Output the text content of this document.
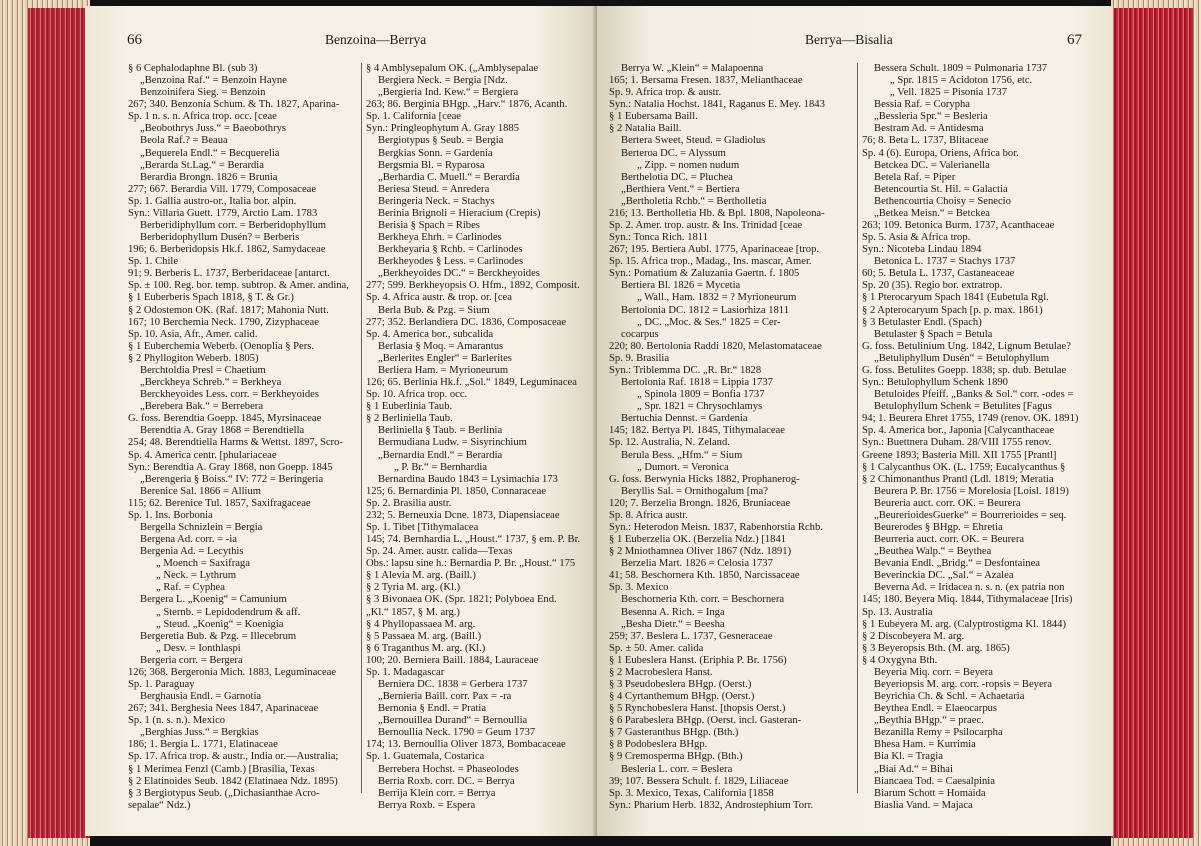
66	Benzoina—Berrya
§ 6 Cephalodaphne Bl. (sub 3)
„Benzoina Raf.“ = Benzoin Hayne
Benzoinifera Sieg. = Benzoin
267; 340. Benzonia Schum. & Th. 1827, Aparina-
Sp. 1 n. s. n. Africa trop. occ. [ceae
„Beobothrys Juss.“ = Baeobothrys
Beola Raf.? = Beaua
„Bequerela Endl.“ = Becquerelia
„Berarda St.Lag.“ = Berardia
Berardia Brongn. 1826 = Brunia
277; 667. Berardia Vill. 1779, Composaceae
Sp. 1. Gallia austro-or., Italia bor. alpin.
Syn.: Villaria Guett. 1779, Arctio Lam. 1783
Berberidiphyllum corr. = Berberidophyllum
Berberidophyllum Dusén? = Berberis
196; 6. Berberidopsis Hk.f. 1862, Samydaceae
Sp. 1. Chile
91; 9. Berberis L. 1737, Berberidaceae [antarct.
Sp. ± 100. Reg. bor. temp. subtrop. & Amer. andina,
§ 1 Euberberis Spach 1818, § T. & Gr.)
§ 2 Odostemon OK. (Raf. 1817; Mahonia Nutt.
167; 10 Berchemia Neck. 1790, Zizyphaceae
Sp. 10. Asia, Afr., Amer. calid.
§ 1 Euberchemia Weberb. (Oenoplia § Pers.
§ 2 Phyllogiton Weberb. 1805)
Berchtoldia Presl = Chaetium
„Berckheya Schreb.“ = Berkheya
Berckheyoides Less. corr. = Berkheyoides
„Berebera Bak.“ = Berrebera
G. foss. Berendtia Goepp. 1845, Myrsinaceae
Berendtia A. Gray 1868 = Berendtiella
254; 48. Berendtiella Harms & Wettst. 1897, Scro-
Sp. 4. America centr. [phulariaceae
Syn.: Berendtia A. Gray 1868, non Goepp. 1845
„Berengeria § Boiss.“ IV: 772 = Beringeria
Berenice Sal. 1866 = Allium
115; 62. Berenice Tul. 1857, Saxifragaceae
Sp. 1. Ins. Borbonia
Bergella Schnizlein = Bergia
Bergena Ad. corr. = -ia
Bergenia Ad. = Lecythis
„ Moench = Saxifraga
„ Neck. = Lythrum
„ Raf. = Cyphea
Bergera L. „Koenig“ = Camunium
„ Sternb. = Lepidodendrum & aff.
„ Steud. „Koenig“ = Koenigia
Bergeretia Bub. & Pzg. = Illecebrum
„ Desv. = Ionthlaspi
Bergeria corr. = Bergera
126; 368. Bergeronia Mich. 1883, Leguminaceae
Sp. 1. Paraguay
Berghausia Endl. = Garnotia
267; 341. Berghesia Nees 1847, Aparinaceae
Sp. 1 (n. s. n.). Mexico
„Berghias Juss.“ = Bergkias
186; 1. Bergia L. 1771, Elatinaceae
Sp. 17. Africa trop. & austr., India or.—Australia;
§ 1 Merimea Fenzl (Camb.) [Brasilia, Texas
§ 2 Elatinoides Seub. 1842 (Elatinaea Ndz. 1895)
§ 3 Bergiotypus Seub. („Dichasianthae Acro-
sepalae“ Ndz.)
§ 4 Amblysepalum OK. („Amblysepalae
Bergiera Neck. = Bergia [Ndz.
„Bergieria Ind. Kew.“ = Bergiera
263; 86. Berginia BHgp. „Harv.“ 1876, Acanth.
Sp. 1. California [ceae
Syn.: Pringleophytum A. Gray 1885
Bergiotypus § Seub. = Bergia
Bergkias Sonn. = Gardenia
Bergsmia Bl. = Ryparosa
„Berhardia C. Muell.“ = Berardia
Beriesa Steud. = Anredera
Beringeria Neck. = Stachys
Berinia Brignoli = Hieracium (Crepis)
Berisia § Spach = Ribes
Berkheya Ehrh. = Carlinodes
Berkheyaria § Rchb. = Carlinodes
Berkheyodes § Less. = Carlinodes
„Berkheyoides DC.“ = Berckheyoides
277; 599. Berkheyopsis O. Hfm., 1892, Composit.
Sp. 4. Africa austr. & trop. or. [cea
Berla Bub. & Pzg. = Sium
277; 352. Berlandiera DC. 1836, Composaceae
Sp. 4. America bor., subcalida
Berlasia § Moq. = Amarantus
„Berlerites Engler“ = Barlerites
Berliera Ham. = Myrioneurum
126; 65. Berlinia Hk.f. „Sol.“ 1849, Leguminacea
Sp. 10. Africa trop. occ.
§ 1 Euberlinia Taub.
§ 2 Berliniella Taub.
Berliniella § Taub. = Berlinia
Bermudiana Ludw. = Sisyrinchium
„Bernardia Endl.“ = Berardia
„ P. Br.“ = Bernhardia
Bernardina Baudo 1843 = Lysimachia 173
125; 6. Bernardinia Pl. 1850, Connaraceae
Sp. 2. Brasilia austr.
232; 5. Berneuxia Dcne. 1873, Diapensiaceae
Sp. 1. Tibet [Tithymalacea
145; 74. Bernhardia L. „Houst.“ 1737, § em. P. Br.
Sp. 24. Amer. austr. calida—Texas
Obs.: lapsu sine h.: Bernardia P. Br. „Houst.“ 175
§ 1 Alevia M. arg. (Baill.)
§ 2 Tyria M. arg. (Kl.)
§ 3 Bivonaea OK. (Spr. 1821; Polyboea End.
„Kl.“ 1857, § M. arg.)
§ 4 Phyllopassaea M. arg.
§ 5 Passaea M. arg. (Baill.)
§ 6 Traganthus M. arg. (Kl.)
100; 20. Berniera Baill. 1884, Lauraceae
Sp. 1. Madagascar
Berniera DC. 1838 = Gerbera 1737
„Bernieria Baill. corr. Pax = -ra
Bernonia § Endl. = Pratia
„Bernouillea Durand“ = Bernoullia
Bernoullia Neck. 1790 = Geum 1737
174; 13. Bernoullia Oliver 1873, Bombacaceae
Sp. 1. Guatemala, Costarica
Berrebera Hochst. = Phaseolodes
Berria Roxb. corr. DC. = Berrya
Berrija Klein corr. = Berrya
Berrya Roxb. = Espera
Berrya—Bisalia	67
Berrya W. „Klein“ = Malapoenna
165; 1. Bersama Fresen. 1837, Melianthaceae
Sp. 9. Africa trop. & austr.
Syn.: Natalia Hochst. 1841, Raganus E. Mey. 1843
§ 1 Eubersama Baill.
§ 2 Natalia Baill.
Bertera Sweet, Steud. = Gladiolus
Berteroa DC. = Alyssum
„ Zipp. = nomen nudum
Berthelotia DC. = Pluchea
„Berthiera Vent.“ = Bertiera
„Bertholetia Rchb.“ = Bertholletia
216; 13. Bertholletia Hb. & Bpl. 1808, Napoleona-
Sp. 2. Amer. trop. austr. & Ins. Trinidad [ceae
Syn.: Tonca Rich. 1811
267; 195. Bertiera Aubl. 1775, Aparinaceae [trop.
Sp. 15. Africa trop., Madag., Ins. mascar, Amer.
Syn.: Pomatium & Zaluzania Gaertn. f. 1805
Bertiera Bl. 1826 = Mycetia
„ Wall., Ham. 1832 = ? Myrioneurum
Bertolonia DC. 1812 = Lasiorhiza 1811
„ DC. „Moc. & Ses.“ 1825 = Cer-
cocarpus
220; 80. Bertolonia Raddi 1820, Melastomataceae
Sp. 9. Brasilia
Syn.: Triblemma DC. „R. Br.“ 1828
Bertolonia Raf. 1818 = Lippia 1737
„ Spinola 1809 = Bonfia 1737
„ Spr. 1821 = Chrysochlamys
Bertuchia Dennst. = Gardenia
145; 182. Bertya Pl. 1845, Tithymalaceae
Sp. 12. Australia, N. Zeland.
Berula Bess. „Hfm.“ = Sium
„ Dumort. = Veronica
G. foss. Berwynia Hicks 1882, Prophanerog-
Beryllis Sal. = Ornithogalum [ma?
120; 7. Berzelia Brongn. 1826, Bruniaceae
Sp. 8. Africa austr.
Syn.: Heterodon Meisn. 1837, Rabenhorstia Rchb.
§ 1 Euberzelia OK. (Berzelia Ndz.) [1841
§ 2 Mniothamnea Oliver 1867 (Ndz. 1891)
Berzelia Mart. 1826 = Celosia 1737
41; 58. Beschornera Kth. 1850, Narcissaceae
Sp. 3. Mexico
Beschorneria Kth. corr. = Beschornera
Besenna A. Rich. = Inga
„Besha Dietr.“ = Beesha
259; 37. Beslera L. 1737, Gesneraceae
Sp. ± 50. Amer. calida
§ 1 Eubeslera Hanst. (Eriphia P. Br. 1756)
§ 2 Macrobeslera Hanst.
§ 3 Pseudobeslera BHgp. (Oerst.)
§ 4 Cyrtanthemum BHgp. (Oerst.)
§ 5 Rynchobeslera Hanst. [thopsis Oerst.)
§ 6 Parabeslera BHgp. (Oerst. incl. Gasteran-
§ 7 Gasteranthus BHgp. (Bth.)
§ 8 Podobeslera BHgp.
§ 9 Cremosperma BHgp. (Bth.)
Besleria L. corr. = Beslera
39; 107. Bessera Schult. f. 1829, Liliaceae
Sp. 3. Mexico, Texas, California [1858
Syn.: Pharium Herb. 1832, Androstephium Torr.
Bessera Schult. 1809 = Pulmonaria 1737
„ Spr. 1815 = Acidoton 1756, etc.
„ Vell. 1825 = Pisonia 1737
Bessia Raf. = Corypha
„Bessleria Spr.“ = Besleria
Bestram Ad. = Antidesma
76; 8. Beta L. 1737, Blitaceae
Sp. 4 (6). Europa, Oriens, Africa bor.
Betckea DC. = Valerianella
Betela Raf. = Piper
Betencourtia St. Hil. = Galactia
Bethencourtia Choisy = Senecio
„Betkea Meisn.“ = Betckea
263; 109. Betonica Burm. 1737, Acanthaceae
Sp. 5. Asia & Africa trop.
Syn.: Nicoteba Lindau 1894
Betonica L. 1737 = Stachys 1737
60; 5. Betula L. 1737, Castaneaceae
Sp. 20 (35). Regio bor. extratrop.
§ 1 Pterocaryum Spach 1841 (Eubetula Rgl.
§ 2 Apterocaryum Spach [p. p. max. 1861)
§ 3 Betulaster Endl. (Spach)
Betulaster § Spach = Betula
G. foss. Betulinium Ung. 1842, Lignum Betulae?
„Betuliphyllum Dusén“ = Betulophyllum
G. foss. Betulites Goepp. 1838; sp. dub. Betulae
Syn.: Betulophyllum Schenk 1890
Betuloides Pfeiff. „Banks & Sol.“ corr. -odes =
Betulophyllum Schenk = Betulites [Fagus
94; 1. Beurera Ehret 1755, 1749 (renov. OK. 1891)
Sp. 4. America bor., Japonia [Calycanthaceae
Syn.: Buettnera Duham. 28/VIII 1755 renov.
Greene 1893; Basteria Mill. XII 1755 [Prantl]
§ 1 Calycanthus OK. (L. 1759; Eucalycanthus §
§ 2 Chimonanthus Prantl (Ldl. 1819; Meratia
Beurera P. Br. 1756 = Morelosia [Loisl. 1819)
Beureria auct. corr. OK. = Beurera
„BeurerioidesGuerke“ = Bourrerioides = seq.
Beurerodes § BHgp. = Ehretia
Beurreria auct. corr. OK. = Beurera
„Beuthea Walp.“ = Beythea
Bevania Endl. „Bridg.“ = Desfontainea
Beverinckia DC. „Sal.“ = Azalea
Beverna Ad. = Iridacea n. s. n. (ex patria non
145; 180. Beyera Miq. 1844, Tithymalaceae [Iris)
Sp. 13. Australia
§ 1 Eubeyera M. arg. (Calyptrostigma Kl. 1844)
§ 2 Discobeyera M. arg.
§ 3 Beyeropsis Bth. (M. arg. 1865)
§ 4 Oxygyna Bth.
Beyeria Miq. corr. = Beyera
Beyeriopsis M. arg. corr. -ropsis = Beyera
Beyrichia Ch. & Schl. = Achaetaria
Beythea Endl. = Elaeocarpus
„Beythia BHgp.“ = praec.
Bezanilla Remy = Psilocarpha
Bhesa Ham. = Kurrimia
Bia Kl. = Tragia
„Biai Ad.“ = Bihai
Biancaea Tod. = Caesalpinia
Biarum Schott = Homaida
Biaslia Vand. = Majaca
